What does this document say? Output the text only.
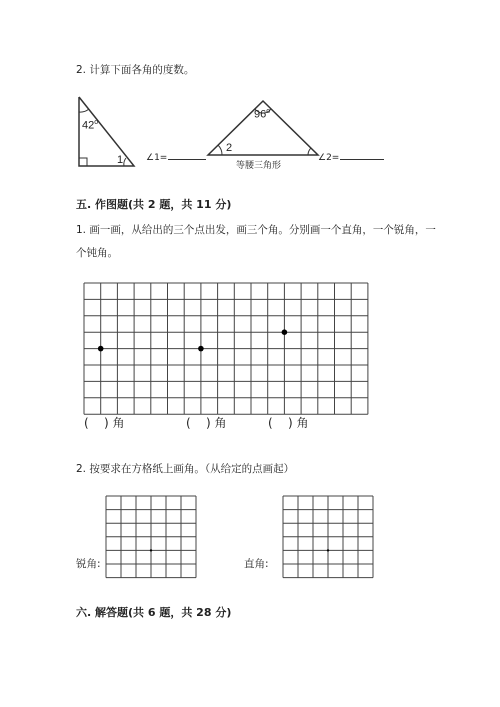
2. 计算下面各角的度数。
42$^o$
1	∠1=
$96^o$
2
等腰三角形
∠2=
五. 作图题(共 2 题，共 11 分)
1. 画一画，从给出的三个点出发，画三个角。分别画一个直角，一个锐角，一
个钝角。
( ) 角	( ) 角	( ) 角
2. 按要求在方格纸上画角。（从给定的点画起）
锐角:	直角:
六. 解答题(共 6 题，共 28 分)
